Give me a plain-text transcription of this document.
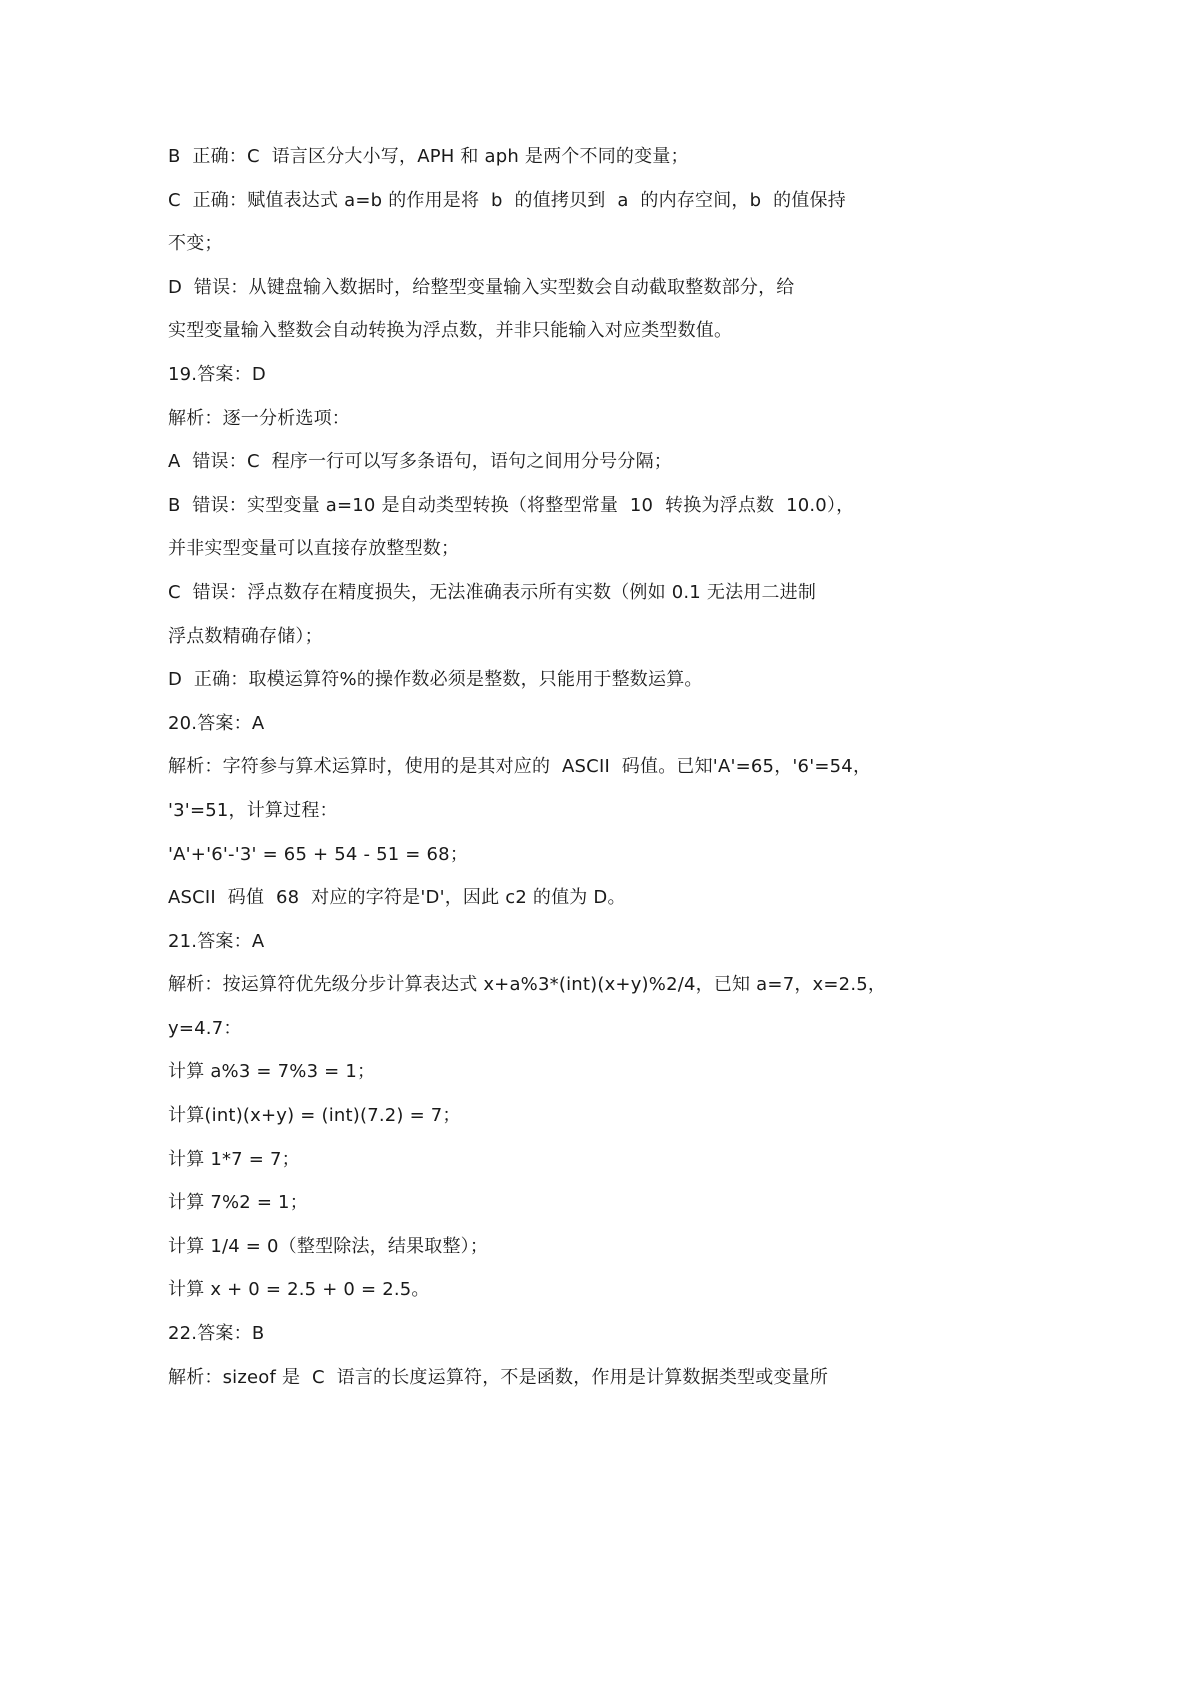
B  正确：C  语言区分大小写，APH 和 aph 是两个不同的变量；
C  正确：赋值表达式 a=b 的作用是将  b  的值拷贝到  a  的内存空间，b  的值保持
不变；
D  错误：从键盘输入数据时，给整型变量输入实型数会自动截取整数部分，给
实型变量输入整数会自动转换为浮点数，并非只能输入对应类型数值。
19.答案：D
解析：逐一分析选项：
A  错误：C  程序一行可以写多条语句，语句之间用分号分隔；
B  错误：实型变量 a=10 是自动类型转换（将整型常量  10  转换为浮点数  10.0），
并非实型变量可以直接存放整型数；
C  错误：浮点数存在精度损失，无法准确表示所有实数（例如 0.1 无法用二进制
浮点数精确存储）；
D  正确：取模运算符%的操作数必须是整数，只能用于整数运算。
20.答案：A
解析：字符参与算术运算时，使用的是其对应的  ASCII  码值。已知'A'=65，'6'=54，
'3'=51，计算过程：
'A'+'6'-'3' = 65 + 54 - 51 = 68；
ASCII  码值  68  对应的字符是'D'，因此 c2 的值为 D。
21.答案：A
解析：按运算符优先级分步计算表达式 x+a%3*(int)(x+y)%2/4，已知 a=7，x=2.5，
y=4.7：
计算 a%3 = 7%3 = 1；
计算(int)(x+y) = (int)(7.2) = 7；
计算 1*7 = 7；
计算 7%2 = 1；
计算 1/4 = 0（整型除法，结果取整）；
计算 x + 0 = 2.5 + 0 = 2.5。
22.答案：B
解析：sizeof 是  C  语言的长度运算符，不是函数，作用是计算数据类型或变量所
